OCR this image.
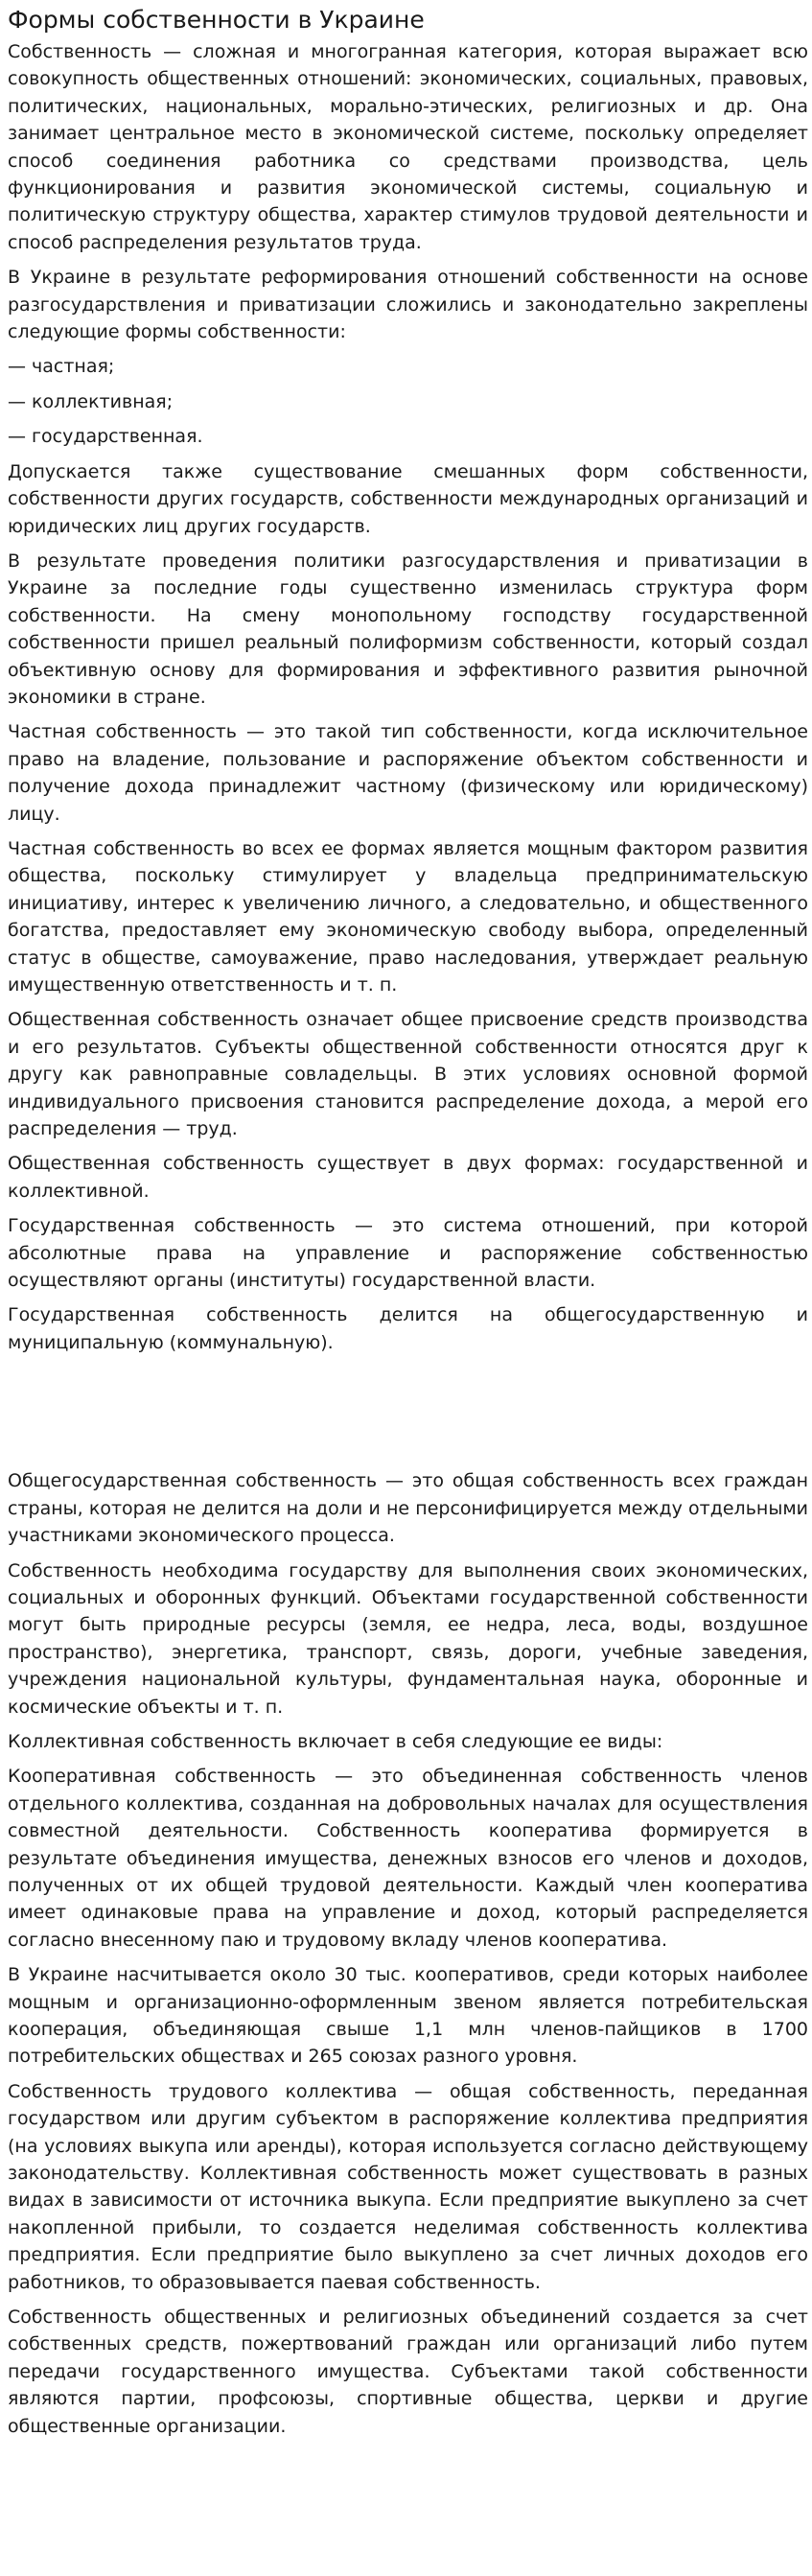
Формы собственности в Украине

Собственность — сложная и многогранная категория, которая выражает всю совокупность общественных отношений: экономических, социальных, правовых, политических, национальных, морально-этических, религиозных и др. Она занимает центральное место в экономической системе, поскольку определяет способ соединения работника со средствами производства, цель функционирования и развития экономической системы, социальную и политическую структуру общества, характер стимулов трудовой деятельности и способ распределения результатов труда.

В Украине в результате реформирования отношений собственности на основе разгосударствления и приватизации сложились и законодательно закреплены следующие формы собственности:

— частная;

— коллективная;

— государственная.

Допускается также существование смешанных форм собственности, собственности других государств, собственности международных организаций и юридических лиц других государств.

В результате проведения политики разгосударствления и приватизации в Украине за последние годы существенно изменилась структура форм собственности. На смену монопольному господству государственной собственности пришел реальный полиформизм собственности, который создал объективную основу для формирования и эффективного развития рыночной экономики в стране.

Частная собственность — это такой тип собственности, когда исключительное право на владение, пользование и распоряжение объектом собственности и получение дохода принадлежит частному (физическому или юридическому) лицу.

Частная собственность во всех ее формах является мощным фактором развития общества, поскольку стимулирует у владельца предпринимательскую инициативу, интерес к увеличению личного, а следовательно, и общественного богатства, предоставляет ему экономическую свободу выбора, определенный статус в обществе, самоуважение, право наследования, утверждает реальную имущественную ответственность и т. п.

Общественная собственность означает общее присвоение средств производства и его результатов. Субъекты общественной собственности относятся друг к другу как равноправные совладельцы. В этих условиях основной формой индивидуального присвоения становится распределение дохода, а мерой его распределения — труд.

Общественная собственность существует в двух формах: государственной и коллективной.

Государственная собственность — это система отношений, при которой абсолютные права на управление и распоряжение собственностью осуществляют органы (институты) государственной власти.

Государственная собственность делится на общегосударственную и муниципальную (коммунальную).

Общегосударственная собственность — это общая собственность всех граждан страны, которая не делится на доли и не персонифицируется между отдельными участниками экономического процесса.

Собственность необходима государству для выполнения своих экономических, социальных и оборонных функций. Объектами государственной собственности могут быть природные ресурсы (земля, ее недра, леса, воды, воздушное пространство), энергетика, транспорт, связь, дороги, учебные заведения, учреждения национальной культуры, фундаментальная наука, оборонные и космические объекты и т. п.

Коллективная собственность включает в себя следующие ее виды:

Кооперативная собственность — это объединенная собственность членов отдельного коллектива, созданная на добровольных началах для осуществления совместной деятельности. Собственность кооператива формируется в результате объединения имущества, денежных взносов его членов и доходов, полученных от их общей трудовой деятельности. Каждый член кооператива имеет одинаковые права на управление и доход, который распределяется согласно внесенному паю и трудовому вкладу членов кооператива.

В Украине насчитывается около 30 тыс. кооперативов, среди которых наиболее мощным и организационно-оформленным звеном является потребительская кооперация, объединяющая свыше 1,1 млн членов-пайщиков в 1700 потребительских обществах и 265 союзах разного уровня.

Собственность трудового коллектива — общая собственность, переданная государством или другим субъектом в распоряжение коллектива предприятия (на условиях выкупа или аренды), которая используется согласно действующему законодательству. Коллективная собственность может существовать в разных видах в зависимости от источника выкупа. Если предприятие выкуплено за счет накопленной прибыли, то создается неделимая собственность коллектива предприятия. Если предприятие было выкуплено за счет личных доходов его работников, то образовывается паевая собственность.

Собственность общественных и религиозных объединений создается за счет собственных средств, пожертвований граждан или организаций либо путем передачи государственного имущества. Субъектами такой собственности являются партии, профсоюзы, спортивные общества, церкви и другие общественные организации.
